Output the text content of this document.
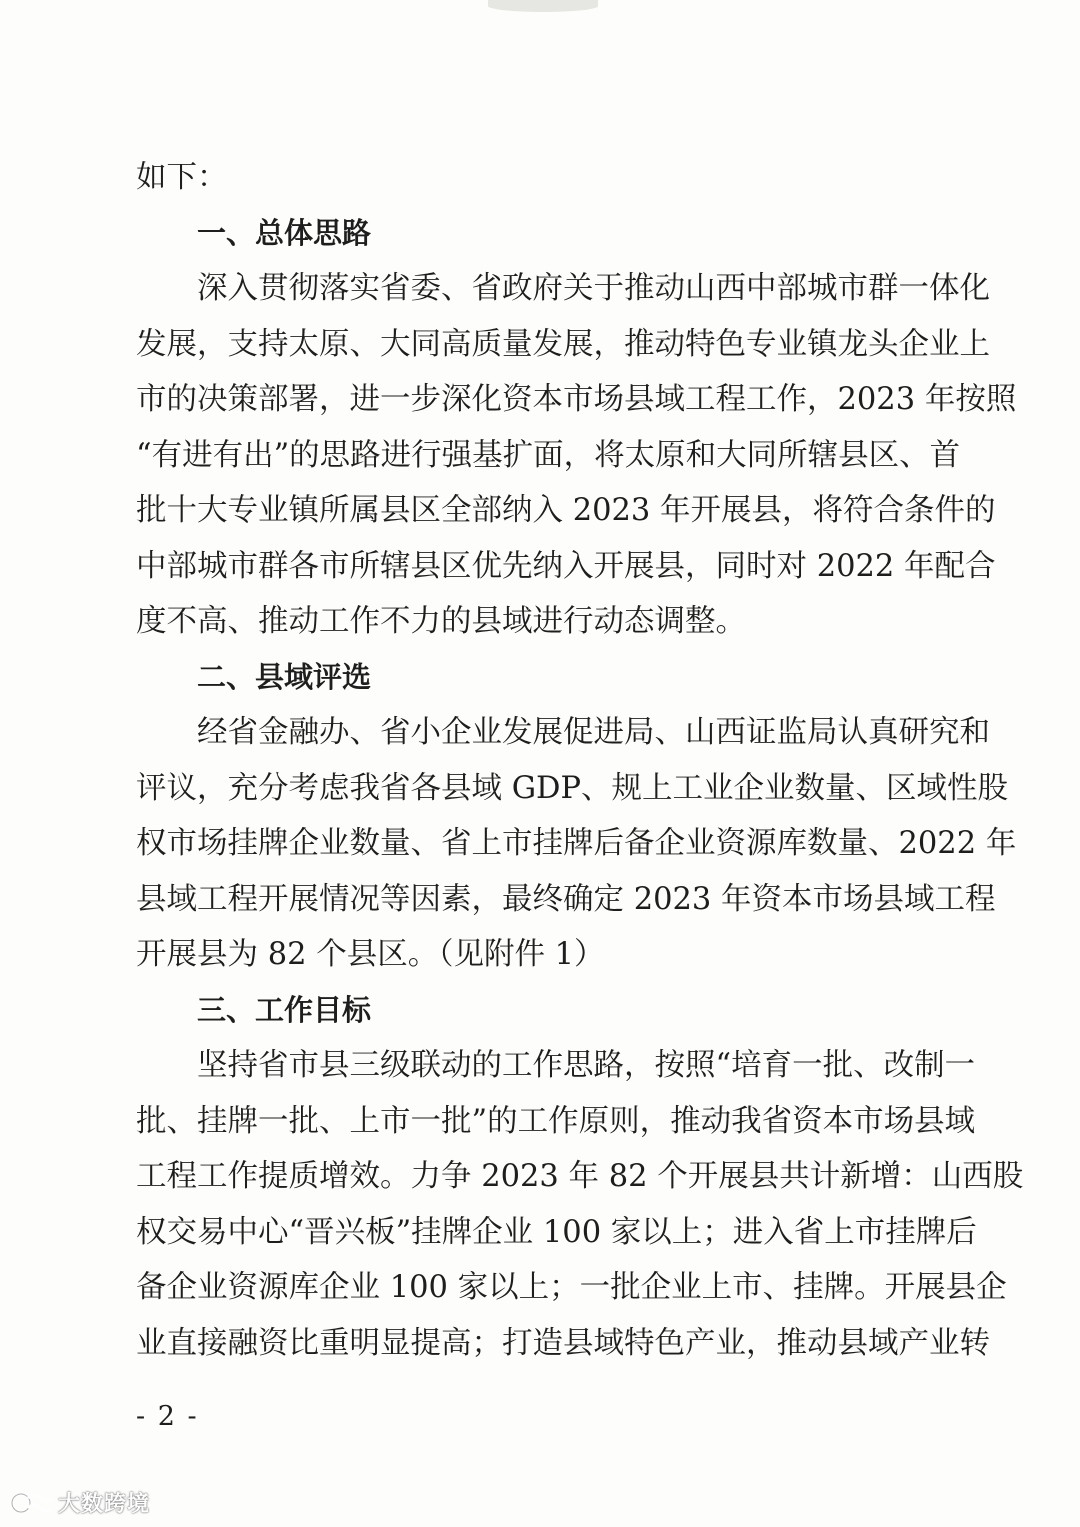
如下：
一、总体思路
深入贯彻落实省委、省政府关于推动山西中部城市群一体化
发展，支持太原、大同高质量发展，推动特色专业镇龙头企业上
市的决策部署，进一步深化资本市场县域工程工作，2023 年按照
“有进有出”的思路进行强基扩面，将太原和大同所辖县区、首
批十大专业镇所属县区全部纳入 2023 年开展县，将符合条件的
中部城市群各市所辖县区优先纳入开展县，同时对 2022 年配合
度不高、推动工作不力的县域进行动态调整。
二、县域评选
经省金融办、省小企业发展促进局、山西证监局认真研究和
评议，充分考虑我省各县域 GDP、规上工业企业数量、区域性股
权市场挂牌企业数量、省上市挂牌后备企业资源库数量、2022 年
县域工程开展情况等因素，最终确定 2023 年资本市场县域工程
开展县为 82 个县区。（见附件 1）
三、工作目标
坚持省市县三级联动的工作思路，按照“培育一批、改制一
批、挂牌一批、上市一批”的工作原则，推动我省资本市场县域
工程工作提质增效。力争 2023 年 82 个开展县共计新增：山西股
权交易中心“晋兴板”挂牌企业 100 家以上；进入省上市挂牌后
备企业资源库企业 100 家以上；一批企业上市、挂牌。开展县企
业直接融资比重明显提高；打造县域特色产业，推动县域产业转
- 2 -
大数跨境
